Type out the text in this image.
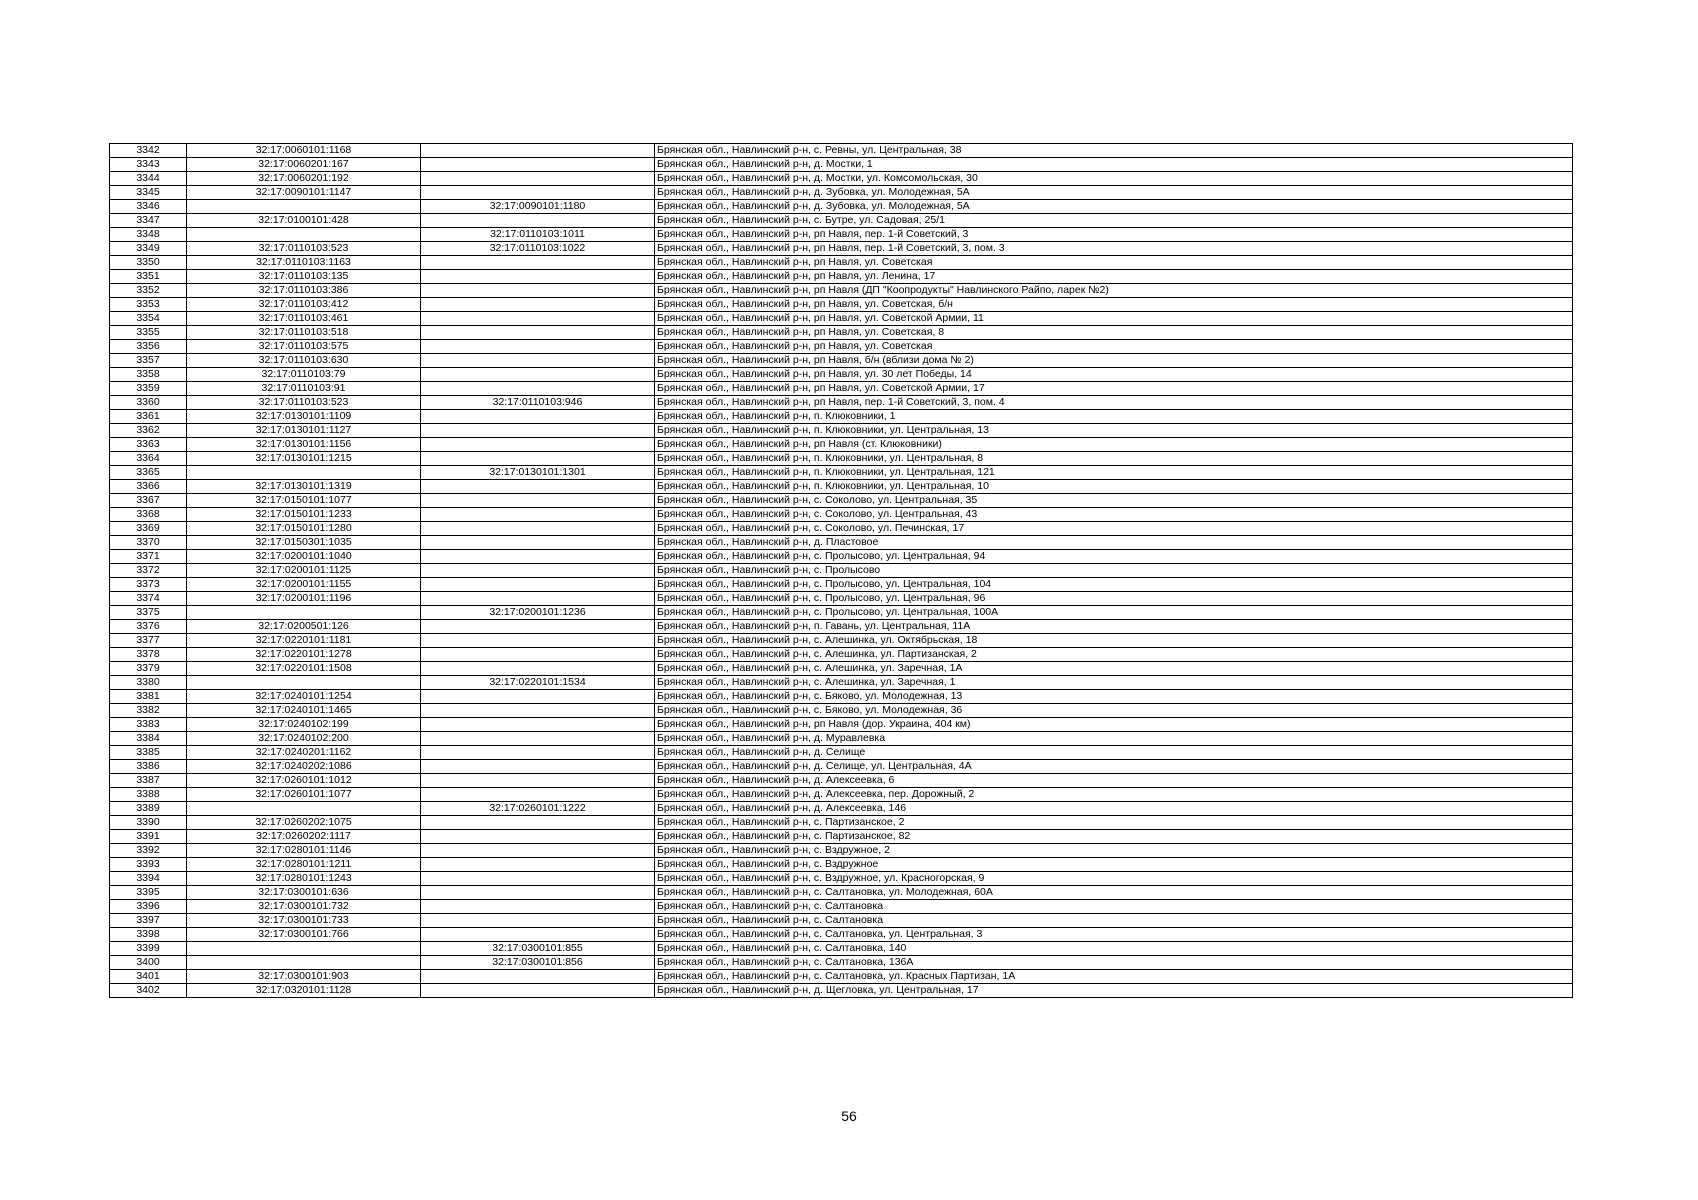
3342	32:17:0060101:1168		Брянская обл., Навлинский р-н, с. Ревны, ул. Центральная, 38
3343	32:17:0060201:167		Брянская обл., Навлинский р-н, д. Мостки, 1
3344	32:17:0060201:192		Брянская обл., Навлинский р-н, д. Мостки, ул. Комсомольская, 30
3345	32:17:0090101:1147		Брянская обл., Навлинский р-н, д. Зубовка, ул. Молодежная, 5А
3346		32:17:0090101:1180	Брянская обл., Навлинский р-н, д. Зубовка, ул. Молодежная, 5А
3347	32:17:0100101:428		Брянская обл., Навлинский р-н, с. Бутре, ул. Садовая, 25/1
3348		32:17:0110103:1011	Брянская обл., Навлинский р-н, рп Навля, пер. 1-й Советский, 3
3349	32:17:0110103:523	32:17:0110103:1022	Брянская обл., Навлинский р-н, рп Навля, пер. 1-й Советский, 3, пом. 3
3350	32:17:0110103:1163		Брянская обл., Навлинский р-н, рп Навля, ул. Советская
3351	32:17:0110103:135		Брянская обл., Навлинский р-н, рп Навля, ул. Ленина, 17
3352	32:17:0110103:386		Брянская обл., Навлинский р-н, рп Навля (ДП "Коопродукты" Навлинского Райпо, ларек №2)
3353	32:17:0110103:412		Брянская обл., Навлинский р-н, рп Навля, ул. Советская, б/н
3354	32:17:0110103:461		Брянская обл., Навлинский р-н, рп Навля, ул. Советской Армии, 11
3355	32:17:0110103:518		Брянская обл., Навлинский р-н, рп Навля, ул. Советская, 8
3356	32:17:0110103:575		Брянская обл., Навлинский р-н, рп Навля, ул. Советская
3357	32:17:0110103:630		Брянская обл., Навлинский р-н, рп Навля, б/н (вблизи дома № 2)
3358	32:17:0110103:79		Брянская обл., Навлинский р-н, рп Навля, ул. 30 лет Победы, 14
3359	32:17:0110103:91		Брянская обл., Навлинский р-н, рп Навля, ул. Советской Армии, 17
3360	32:17:0110103:523	32:17:0110103:946	Брянская обл., Навлинский р-н, рп Навля, пер. 1-й Советский, 3, пом. 4
3361	32:17:0130101:1109		Брянская обл., Навлинский р-н, п. Клюковники, 1
3362	32:17:0130101:1127		Брянская обл., Навлинский р-н, п. Клюковники, ул. Центральная, 13
3363	32:17:0130101:1156		Брянская обл., Навлинский р-н, рп Навля (ст. Клюковники)
3364	32:17:0130101:1215		Брянская обл., Навлинский р-н, п. Клюковники, ул. Центральная, 8
3365		32:17:0130101:1301	Брянская обл., Навлинский р-н, п. Клюковники, ул. Центральная, 121
3366	32:17:0130101:1319		Брянская обл., Навлинский р-н, п. Клюковники, ул. Центральная, 10
3367	32:17:0150101:1077		Брянская обл., Навлинский р-н, с. Соколово, ул. Центральная, 35
3368	32:17:0150101:1233		Брянская обл., Навлинский р-н, с. Соколово, ул. Центральная, 43
3369	32:17:0150101:1280		Брянская обл., Навлинский р-н, с. Соколово, ул. Печинская, 17
3370	32:17:0150301:1035		Брянская обл., Навлинский р-н, д. Пластовое
3371	32:17:0200101:1040		Брянская обл., Навлинский р-н, с. Пролысово, ул. Центральная, 94
3372	32:17:0200101:1125		Брянская обл., Навлинский р-н, с. Пролысово
3373	32:17:0200101:1155		Брянская обл., Навлинский р-н, с. Пролысово, ул. Центральная, 104
3374	32:17:0200101:1196		Брянская обл., Навлинский р-н, с. Пролысово, ул. Центральная, 96
3375		32:17:0200101:1236	Брянская обл., Навлинский р-н, с. Пролысово, ул. Центральная, 100А
3376	32:17:0200501:126		Брянская обл., Навлинский р-н, п. Гавань, ул. Центральная, 11А
3377	32:17:0220101:1181		Брянская обл., Навлинский р-н, с. Алешинка, ул. Октябрьская, 18
3378	32:17:0220101:1278		Брянская обл., Навлинский р-н, с. Алешинка, ул. Партизанская, 2
3379	32:17:0220101:1508		Брянская обл., Навлинский р-н, с. Алешинка, ул. Заречная, 1А
3380		32:17:0220101:1534	Брянская обл., Навлинский р-н, с. Алешинка, ул. Заречная, 1
3381	32:17:0240101:1254		Брянская обл., Навлинский р-н, с. Бяково, ул. Молодежная, 13
3382	32:17:0240101:1465		Брянская обл., Навлинский р-н, с. Бяково, ул. Молодежная, 36
3383	32:17:0240102:199		Брянская обл., Навлинский р-н, рп Навля (дор. Украина, 404 км)
3384	32:17:0240102:200		Брянская обл., Навлинский р-н, д. Муравлевка
3385	32:17:0240201:1162		Брянская обл., Навлинский р-н, д. Селище
3386	32:17:0240202:1086		Брянская обл., Навлинский р-н, д. Селище, ул. Центральная, 4А
3387	32:17:0260101:1012		Брянская обл., Навлинский р-н, д. Алексеевка, 6
3388	32:17:0260101:1077		Брянская обл., Навлинский р-н, д. Алексеевка, пер. Дорожный, 2
3389		32:17:0260101:1222	Брянская обл., Навлинский р-н, д. Алексеевка, 146
3390	32:17:0260202:1075		Брянская обл., Навлинский р-н, с. Партизанское, 2
3391	32:17:0260202:1117		Брянская обл., Навлинский р-н, с. Партизанское, 82
3392	32:17:0280101:1146		Брянская обл., Навлинский р-н, с. Вздружное, 2
3393	32:17:0280101:1211		Брянская обл., Навлинский р-н, с. Вздружное
3394	32:17:0280101:1243		Брянская обл., Навлинский р-н, с. Вздружное, ул. Красногорская, 9
3395	32:17:0300101:636		Брянская обл., Навлинский р-н, с. Салтановка, ул. Молодежная, 60А
3396	32:17:0300101:732		Брянская обл., Навлинский р-н, с. Салтановка
3397	32:17:0300101:733		Брянская обл., Навлинский р-н, с. Салтановка
3398	32:17:0300101:766		Брянская обл., Навлинский р-н, с. Салтановка, ул. Центральная, 3
3399		32:17:0300101:855	Брянская обл., Навлинский р-н, с. Салтановка, 140
3400		32:17:0300101:856	Брянская обл., Навлинский р-н, с. Салтановка, 136А
3401	32:17:0300101:903		Брянская обл., Навлинский р-н, с. Салтановка, ул. Красных Партизан, 1А
3402	32:17:0320101:1128		Брянская обл., Навлинский р-н, д. Щегловка, ул. Центральная, 17
56
